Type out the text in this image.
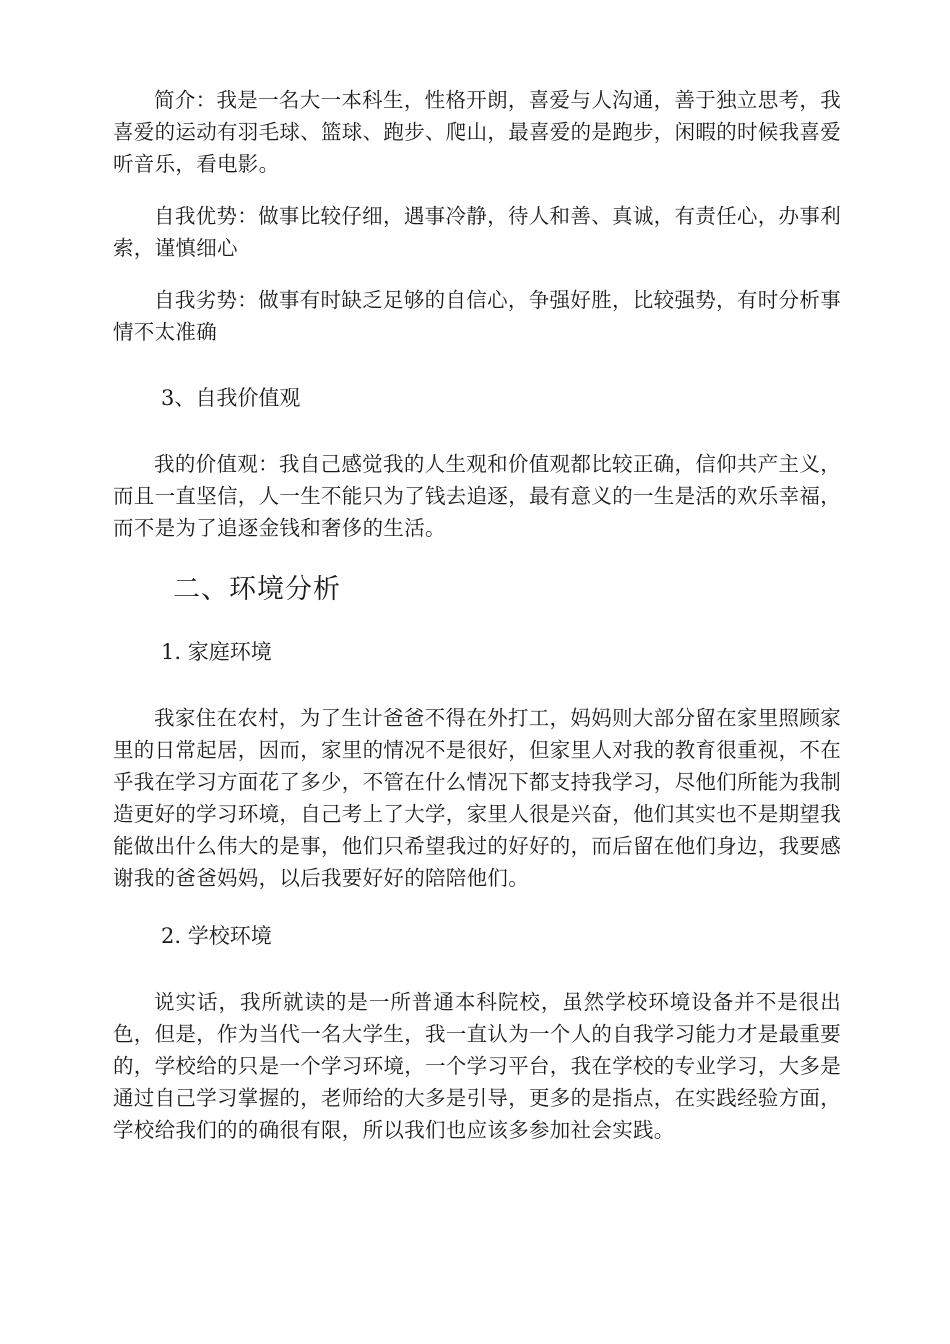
简介：我是一名大一本科生，性格开朗，喜爱与人沟通，善于独立思考，我喜爱的运动有羽毛球、篮球、跑步、爬山，最喜爱的是跑步，闲暇的时候我喜爱听音乐，看电影。

自我优势：做事比较仔细，遇事冷静，待人和善、真诚，有责任心，办事利索，谨慎细心

自我劣势：做事有时缺乏足够的自信心，争强好胜，比较强势，有时分析事情不太准确

3、自我价值观

我的价值观：我自己感觉我的人生观和价值观都比较正确，信仰共产主义，而且一直坚信，人一生不能只为了钱去追逐，最有意义的一生是活的欢乐幸福，而不是为了追逐金钱和奢侈的生活。

二、环境分析
1. 家庭环境

我家住在农村，为了生计爸爸不得在外打工，妈妈则大部分留在家里照顾家里的日常起居，因而，家里的情况不是很好，但家里人对我的教育很重视，不在乎我在学习方面花了多少，不管在什么情况下都支持我学习，尽他们所能为我制造更好的学习环境，自己考上了大学，家里人很是兴奋，他们其实也不是期望我能做出什么伟大的是事，他们只希望我过的好好的，而后留在他们身边，我要感谢我的爸爸妈妈，以后我要好好的陪陪他们。

2. 学校环境

说实话，我所就读的是一所普通本科院校，虽然学校环境设备并不是很出色，但是，作为当代一名大学生，我一直认为一个人的自我学习能力才是最重要的，学校给的只是一个学习环境，一个学习平台，我在学校的专业学习，大多是通过自己学习掌握的，老师给的大多是引导，更多的是指点，在实践经验方面，学校给我们的的确很有限，所以我们也应该多参加社会实践。
